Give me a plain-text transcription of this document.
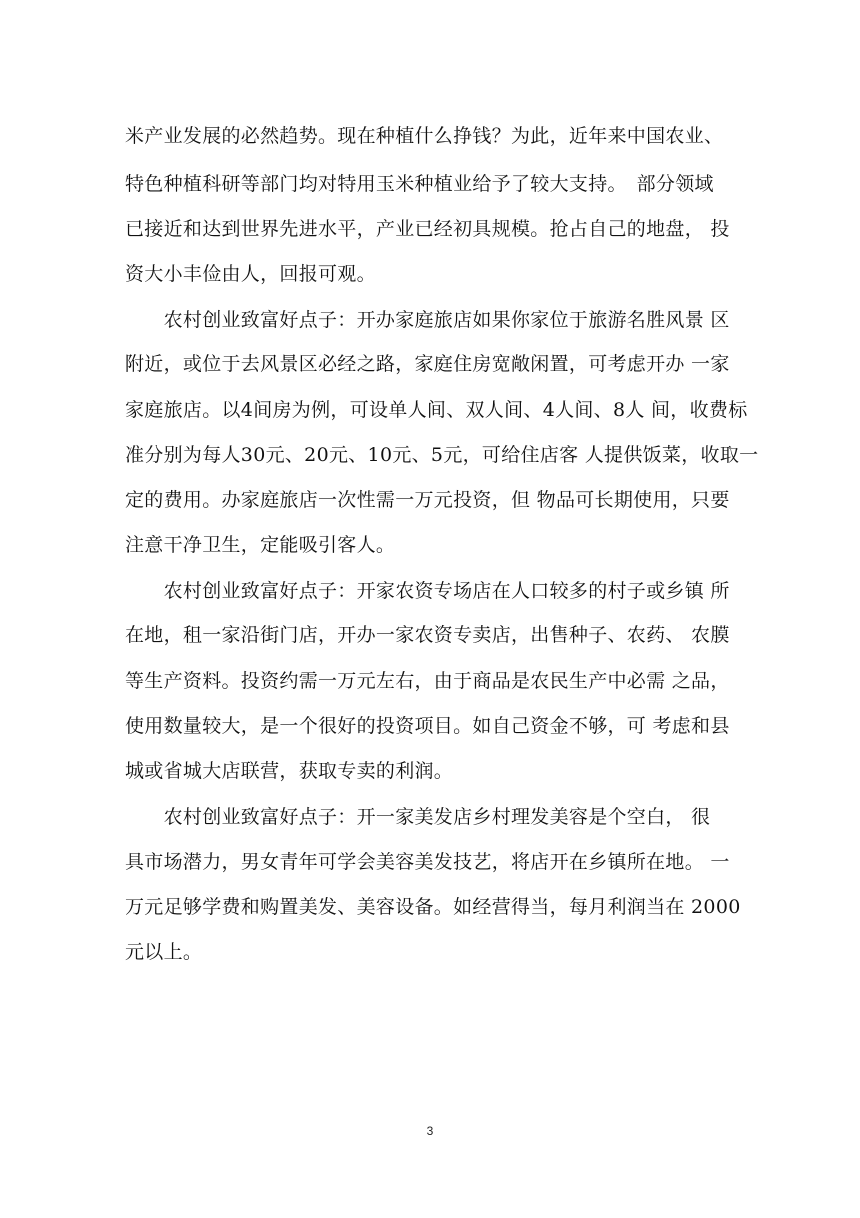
米产业发展的必然趋势。现在种植什么挣钱？为此，近年来中国农业、
特色种植科研等部门均对特用玉米种植业给予了较大支持。　部分领域
已接近和达到世界先进水平，产业已经初具规模。抢占自己的地盘， 投
资大小丰俭由人，回报可观。
　　农村创业致富好点子：开办家庭旅店如果你家位于旅游名胜风景 区
附近，或位于去风景区必经之路，家庭住房宽敞闲置，可考虑开办 一家
家庭旅店。以4间房为例，可设单人间、双人间、4人间、8人 间，收费标
准分别为每人30元、20元、10元、5元，可给住店客 人提供饭菜，收取一
定的费用。办家庭旅店一次性需一万元投资，但 物品可长期使用，只要
注意干净卫生，定能吸引客人。
　　农村创业致富好点子：开家农资专场店在人口较多的村子或乡镇 所
在地，租一家沿街门店，开办一家农资专卖店，出售种子、农药、 农膜
等生产资料。投资约需一万元左右，由于商品是农民生产中必需 之品，
使用数量较大，是一个很好的投资项目。如自己资金不够，可 考虑和县
城或省城大店联营，获取专卖的利润。
　　农村创业致富好点子：开一家美发店乡村理发美容是个空白， 很
具市场潜力，男女青年可学会美容美发技艺，将店开在乡镇所在地。 一
万元足够学费和购置美发、美容设备。如经营得当，每月利润当在 2000
元以上。
3
